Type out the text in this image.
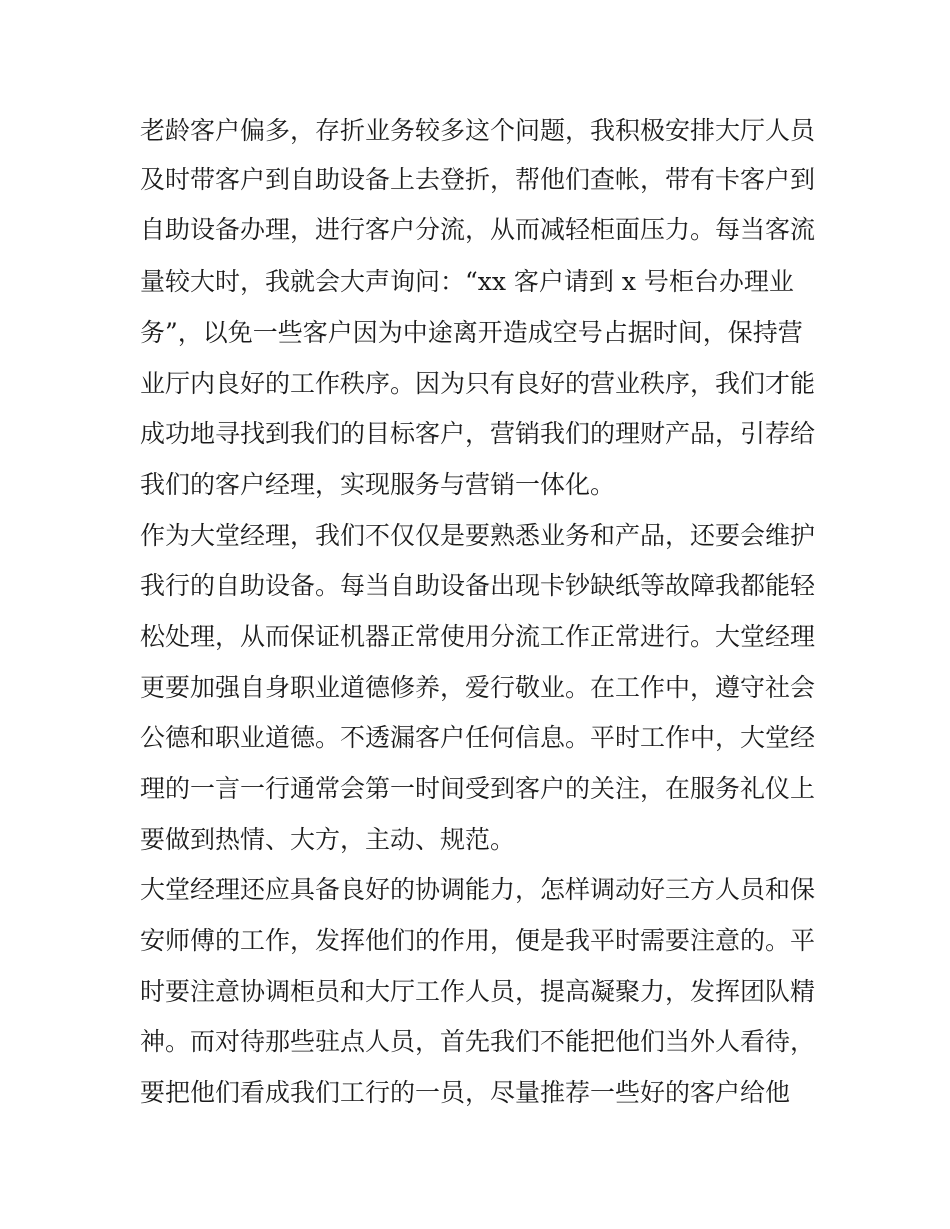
老龄客户偏多，存折业务较多这个问题，我积极安排大厅人员
及时带客户到自助设备上去登折，帮他们查帐，带有卡客户到
自助设备办理，进行客户分流，从而减轻柜面压力。每当客流
量较大时，我就会大声询问：“xx 客户请到 x 号柜台办理业
务”，以免一些客户因为中途离开造成空号占据时间，保持营
业厅内良好的工作秩序。因为只有良好的营业秩序，我们才能
成功地寻找到我们的目标客户，营销我们的理财产品，引荐给
我们的客户经理，实现服务与营销一体化。
作为大堂经理，我们不仅仅是要熟悉业务和产品，还要会维护
我行的自助设备。每当自助设备出现卡钞缺纸等故障我都能轻
松处理，从而保证机器正常使用分流工作正常进行。大堂经理
更要加强自身职业道德修养，爱行敬业。在工作中，遵守社会
公德和职业道德。不透漏客户任何信息。平时工作中，大堂经
理的一言一行通常会第一时间受到客户的关注，在服务礼仪上
要做到热情、大方，主动、规范。
大堂经理还应具备良好的协调能力，怎样调动好三方人员和保
安师傅的工作，发挥他们的作用，便是我平时需要注意的。平
时要注意协调柜员和大厅工作人员，提高凝聚力，发挥团队精
神。而对待那些驻点人员，首先我们不能把他们当外人看待，
要把他们看成我们工行的一员，尽量推荐一些好的客户给他
